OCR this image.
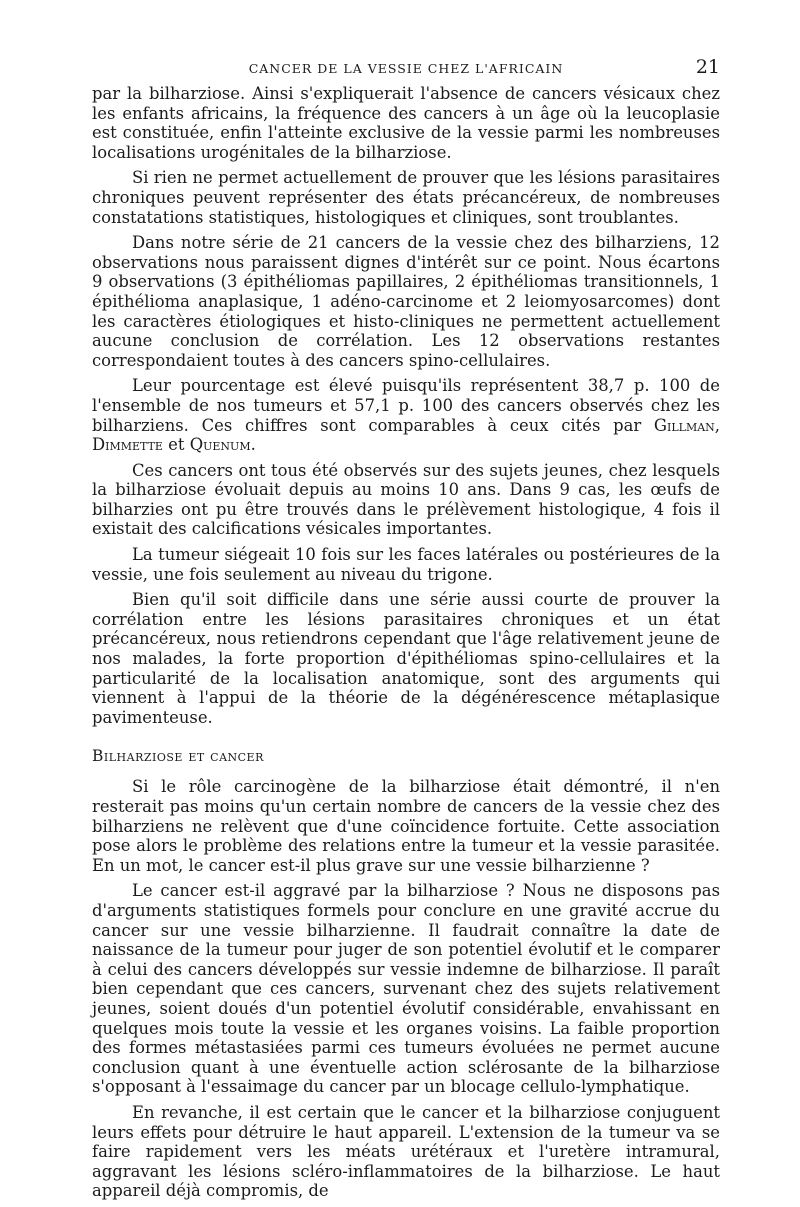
CANCER DE LA VESSIE CHEZ L'AFRICAIN	21

par la bilharziose. Ainsi s'expliquerait l'absence de cancers vésicaux chez les enfants africains, la fréquence des cancers à un âge où la leucoplasie est constituée, enfin l'atteinte exclusive de la vessie parmi les nombreuses localisations urogénitales de la bilharziose.

Si rien ne permet actuellement de prouver que les lésions parasitaires chroniques peuvent représenter des états précancéreux, de nombreuses constatations statistiques, histologiques et cliniques, sont troublantes.

Dans notre série de 21 cancers de la vessie chez des bilharziens, 12 observations nous paraissent dignes d'intérêt sur ce point. Nous écartons 9 observations (3 épithéliomas papillaires, 2 épithéliomas transitionnels, 1 épithélioma anaplasique, 1 adéno-carcinome et 2 leiomyosarcomes) dont les caractères étiologiques et histo-cliniques ne permettent actuellement aucune conclusion de corrélation. Les 12 observations restantes correspondaient toutes à des cancers spino-cellulaires.

Leur pourcentage est élevé puisqu'ils représentent 38,7 p. 100 de l'ensemble de nos tumeurs et 57,1 p. 100 des cancers observés chez les bilharziens. Ces chiffres sont comparables à ceux cités par Gillman, Dimmette et Quenum.

Ces cancers ont tous été observés sur des sujets jeunes, chez lesquels la bilharziose évoluait depuis au moins 10 ans. Dans 9 cas, les œufs de bilharzies ont pu être trouvés dans le prélèvement histologique, 4 fois il existait des calcifications vésicales importantes.

La tumeur siégeait 10 fois sur les faces latérales ou postérieures de la vessie, une fois seulement au niveau du trigone.

Bien qu'il soit difficile dans une série aussi courte de prouver la corrélation entre les lésions parasitaires chroniques et un état précancéreux, nous retiendrons cependant que l'âge relativement jeune de nos malades, la forte proportion d'épithéliomas spino-cellulaires et la particularité de la localisation anatomique, sont des arguments qui viennent à l'appui de la théorie de la dégénérescence métaplasique pavimenteuse.

Bilharziose et cancer

Si le rôle carcinogène de la bilharziose était démontré, il n'en resterait pas moins qu'un certain nombre de cancers de la vessie chez des bilharziens ne relèvent que d'une coïncidence fortuite. Cette association pose alors le problème des relations entre la tumeur et la vessie parasitée. En un mot, le cancer est-il plus grave sur une vessie bilharzienne ?

Le cancer est-il aggravé par la bilharziose ? Nous ne disposons pas d'arguments statistiques formels pour conclure en une gravité accrue du cancer sur une vessie bilharzienne. Il faudrait connaître la date de naissance de la tumeur pour juger de son potentiel évolutif et le comparer à celui des cancers développés sur vessie indemne de bilharziose. Il paraît bien cependant que ces cancers, survenant chez des sujets relativement jeunes, soient doués d'un potentiel évolutif considérable, envahissant en quelques mois toute la vessie et les organes voisins. La faible proportion des formes métastasiées parmi ces tumeurs évoluées ne permet aucune conclusion quant à une éventuelle action sclérosante de la bilharziose s'opposant à l'essaimage du cancer par un blocage cellulo-lymphatique.

En revanche, il est certain que le cancer et la bilharziose conjuguent leurs effets pour détruire le haut appareil. L'extension de la tumeur va se faire rapidement vers les méats urétéraux et l'uretère intramural, aggravant les lésions scléro-inflammatoires de la bilharziose. Le haut appareil déjà compromis, de
